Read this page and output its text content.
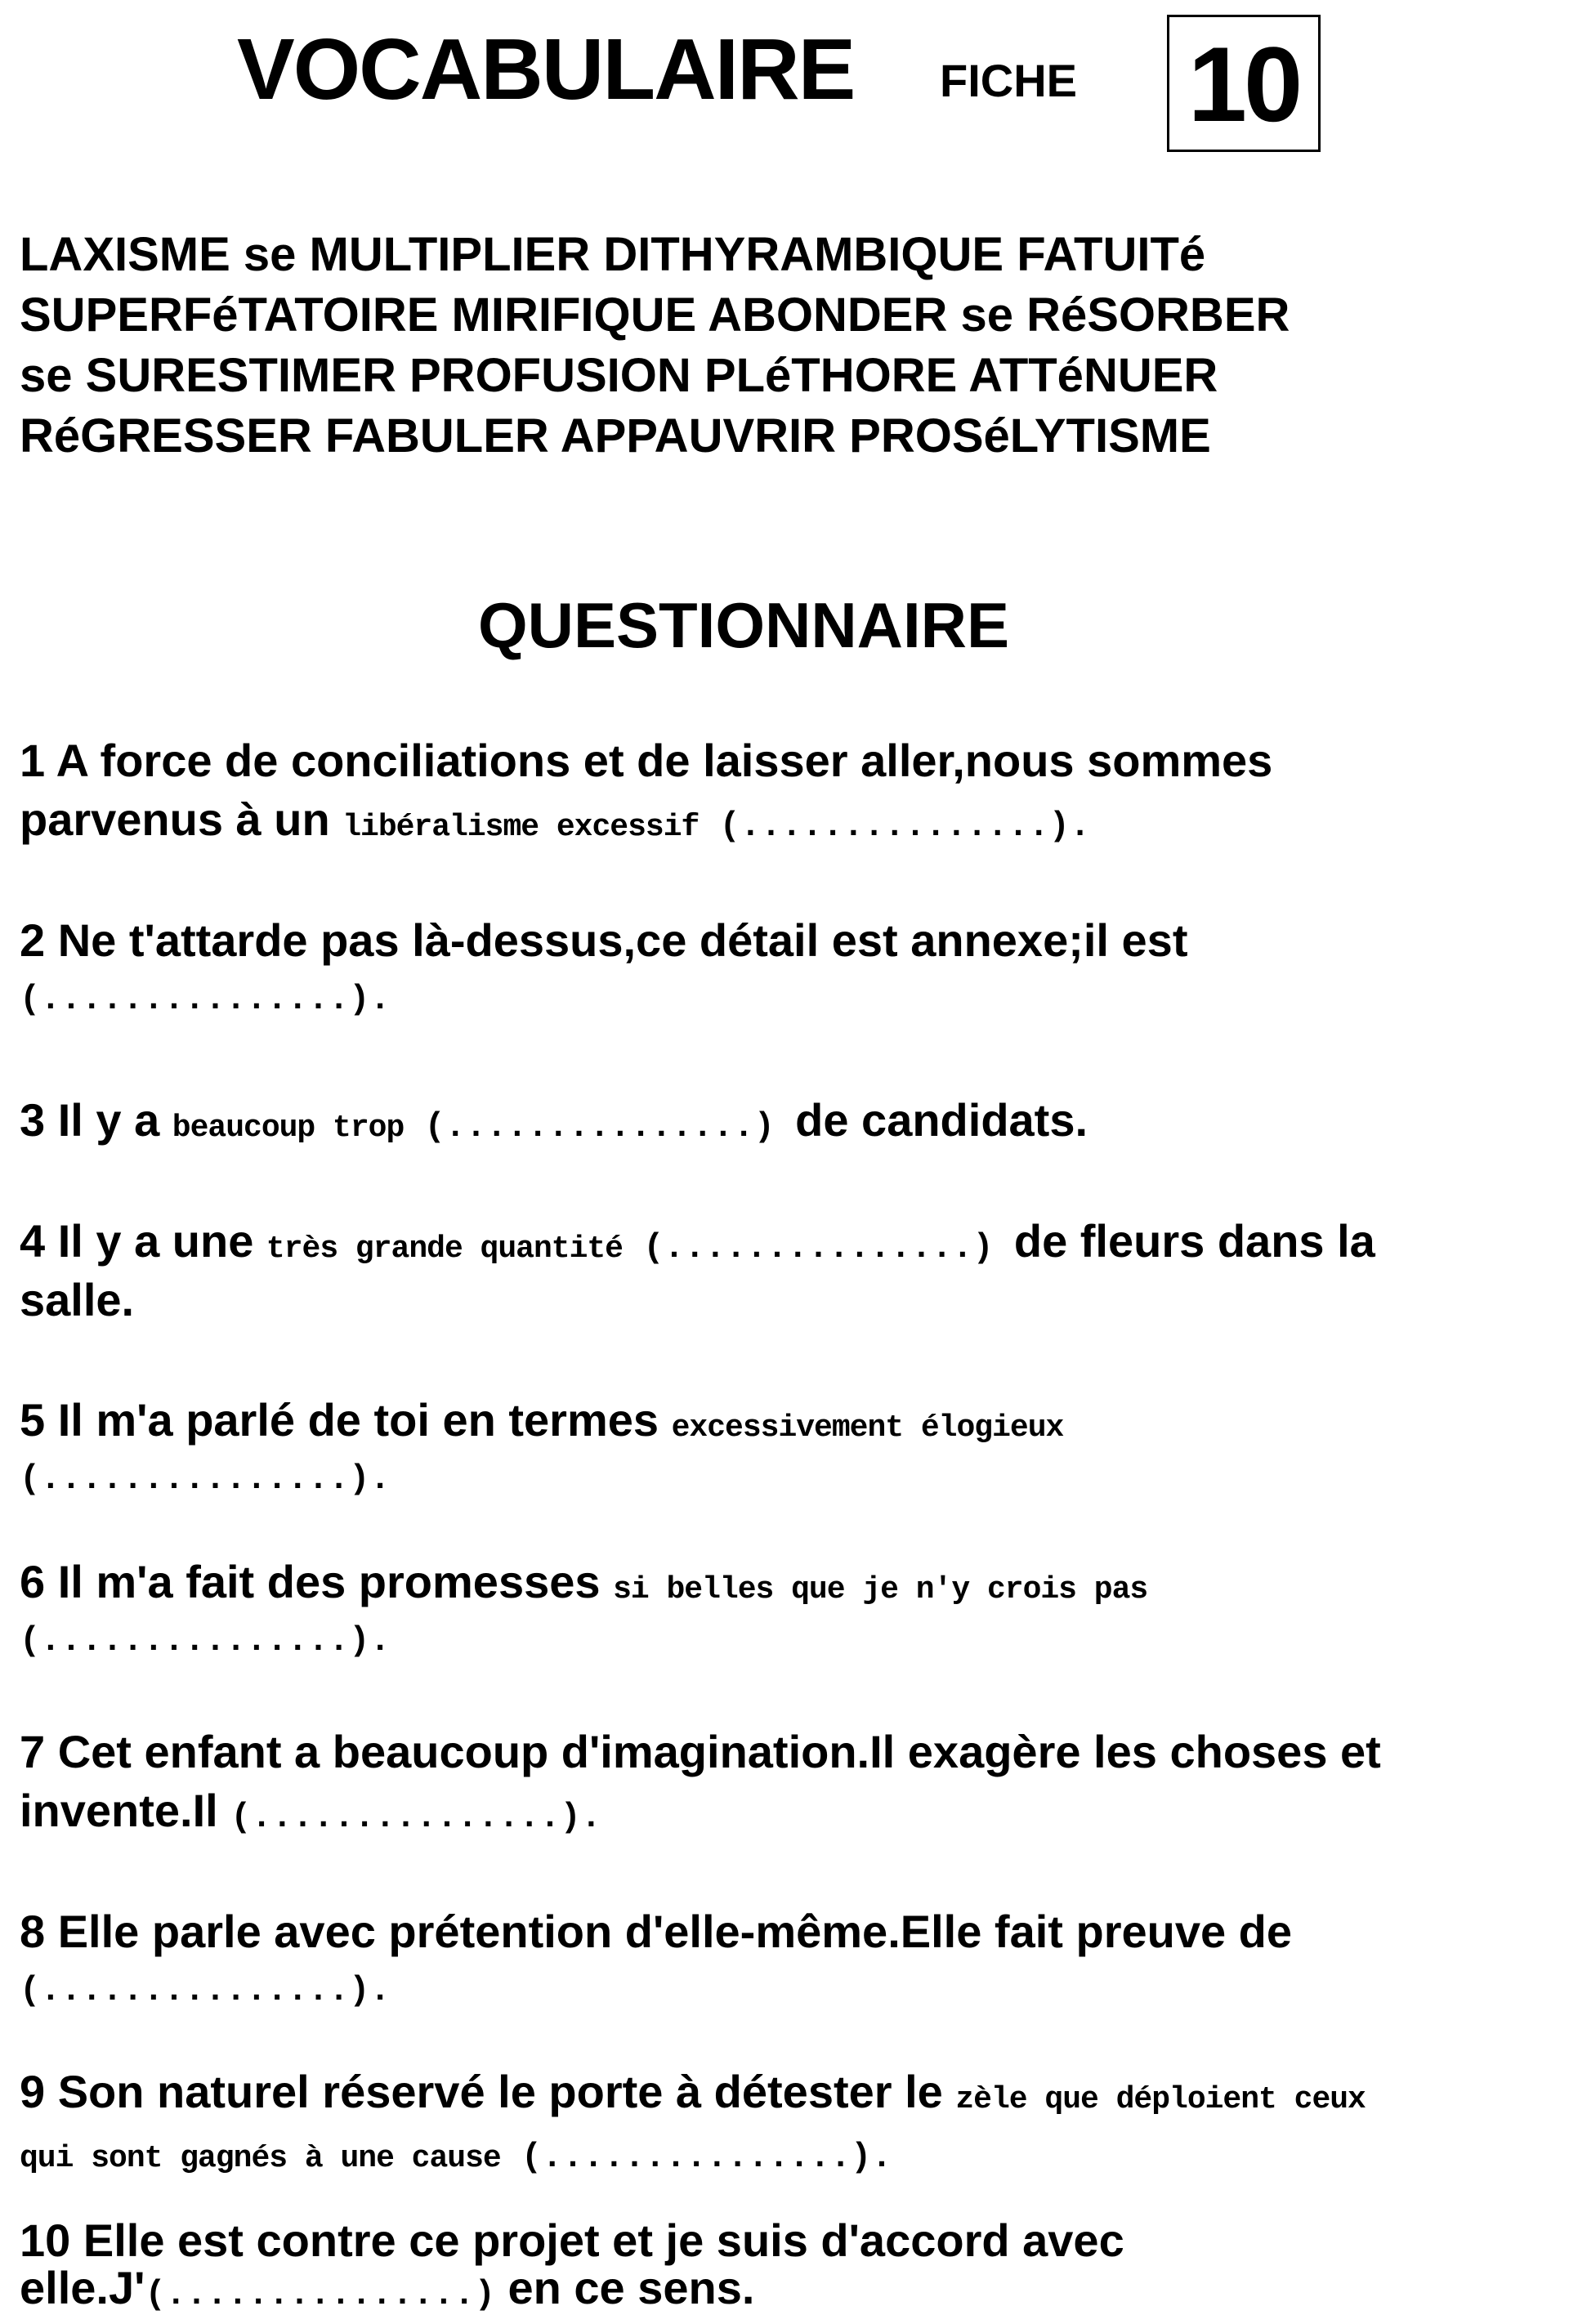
VOCABULAIRE FICHE 10
LAXISME se MULTIPLIER DITHYRAMBIQUE FATUITé
SUPERFéTATOIRE MIRIFIQUE ABONDER se RéSORBER
se SURESTIMER PROFUSION PLéTHORE ATTéNUER
RéGRESSER FABULER APPAUVRIR PROSéLYTISME
QUESTIONNAIRE
1 A force de conciliations et de laisser aller,nous sommes
parvenus à un libéralisme excessif (...............).
2 Ne t'attarde pas là-dessus,ce détail est annexe;il est
(...............).
3 Il y a beaucoup trop (...............) de candidats.
4 Il y a une très grande quantité (...............) de fleurs dans la
salle.
5 Il m'a parlé de toi en termes excessivement élogieux
(...............).
6 Il m'a fait des promesses si belles que je n'y crois pas
(...............).
7 Cet enfant a beaucoup d'imagination.Il exagère les choses et
invente.Il (...............).
8 Elle parle avec prétention d'elle-même.Elle fait preuve de
(...............).
9 Son naturel réservé le porte à détester le zèle que déploient ceux
qui sont gagnés à une cause (...............).
10 Elle est contre ce projet et je suis d'accord avec
elle.J'(...............) en ce sens.
